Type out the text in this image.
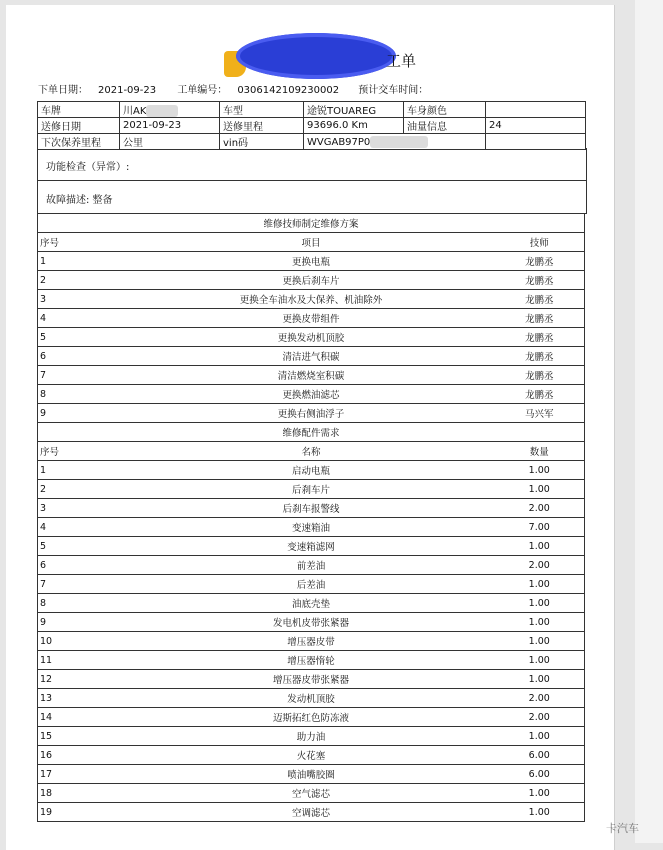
工单
下单日期： 2021-09-23 工单编号： 0306142109230002 预计交车时间：
车牌	川AK	车型	途锐TOUAREG	车身颜色	
送修日期	2021-09-23	送修里程	93696.0 Km	油量信息	24
下次保养里程	公里	vin码	WVGAB97P0		
功能检查（异常）:
故障描述: 整备
维修技师制定维修方案		
序号	项目	技师
1	更换电瓶	龙鹏丞
2	更换后刹车片	龙鹏丞
3	更换全车油水及大保养、机油除外	龙鹏丞
4	更换皮带组件	龙鹏丞
5	更换发动机顶胶	龙鹏丞
6	清洁进气积碳	龙鹏丞
7	清洁燃烧室积碳	龙鹏丞
8	更换燃油滤芯	龙鹏丞
9	更换右侧油浮子	马兴军
维修配件需求		
序号	名称	数量
1	启动电瓶	1.00
2	后刹车片	1.00
3	后刹车报警线	2.00
4	变速箱油	7.00
5	变速箱滤网	1.00
6	前差油	2.00
7	后差油	1.00
8	油底壳垫	1.00
9	发电机皮带张紧器	1.00
10	增压器皮带	1.00
11	增压器惰轮	1.00
12	增压器皮带张紧器	1.00
13	发动机顶胶	2.00
14	迈斯拓红色防冻液	2.00
15	助力油	1.00
16	火花塞	6.00
17	喷油嘴胶圈	6.00
18	空气滤芯	1.00
19	空调滤芯	1.00
卡汽车
